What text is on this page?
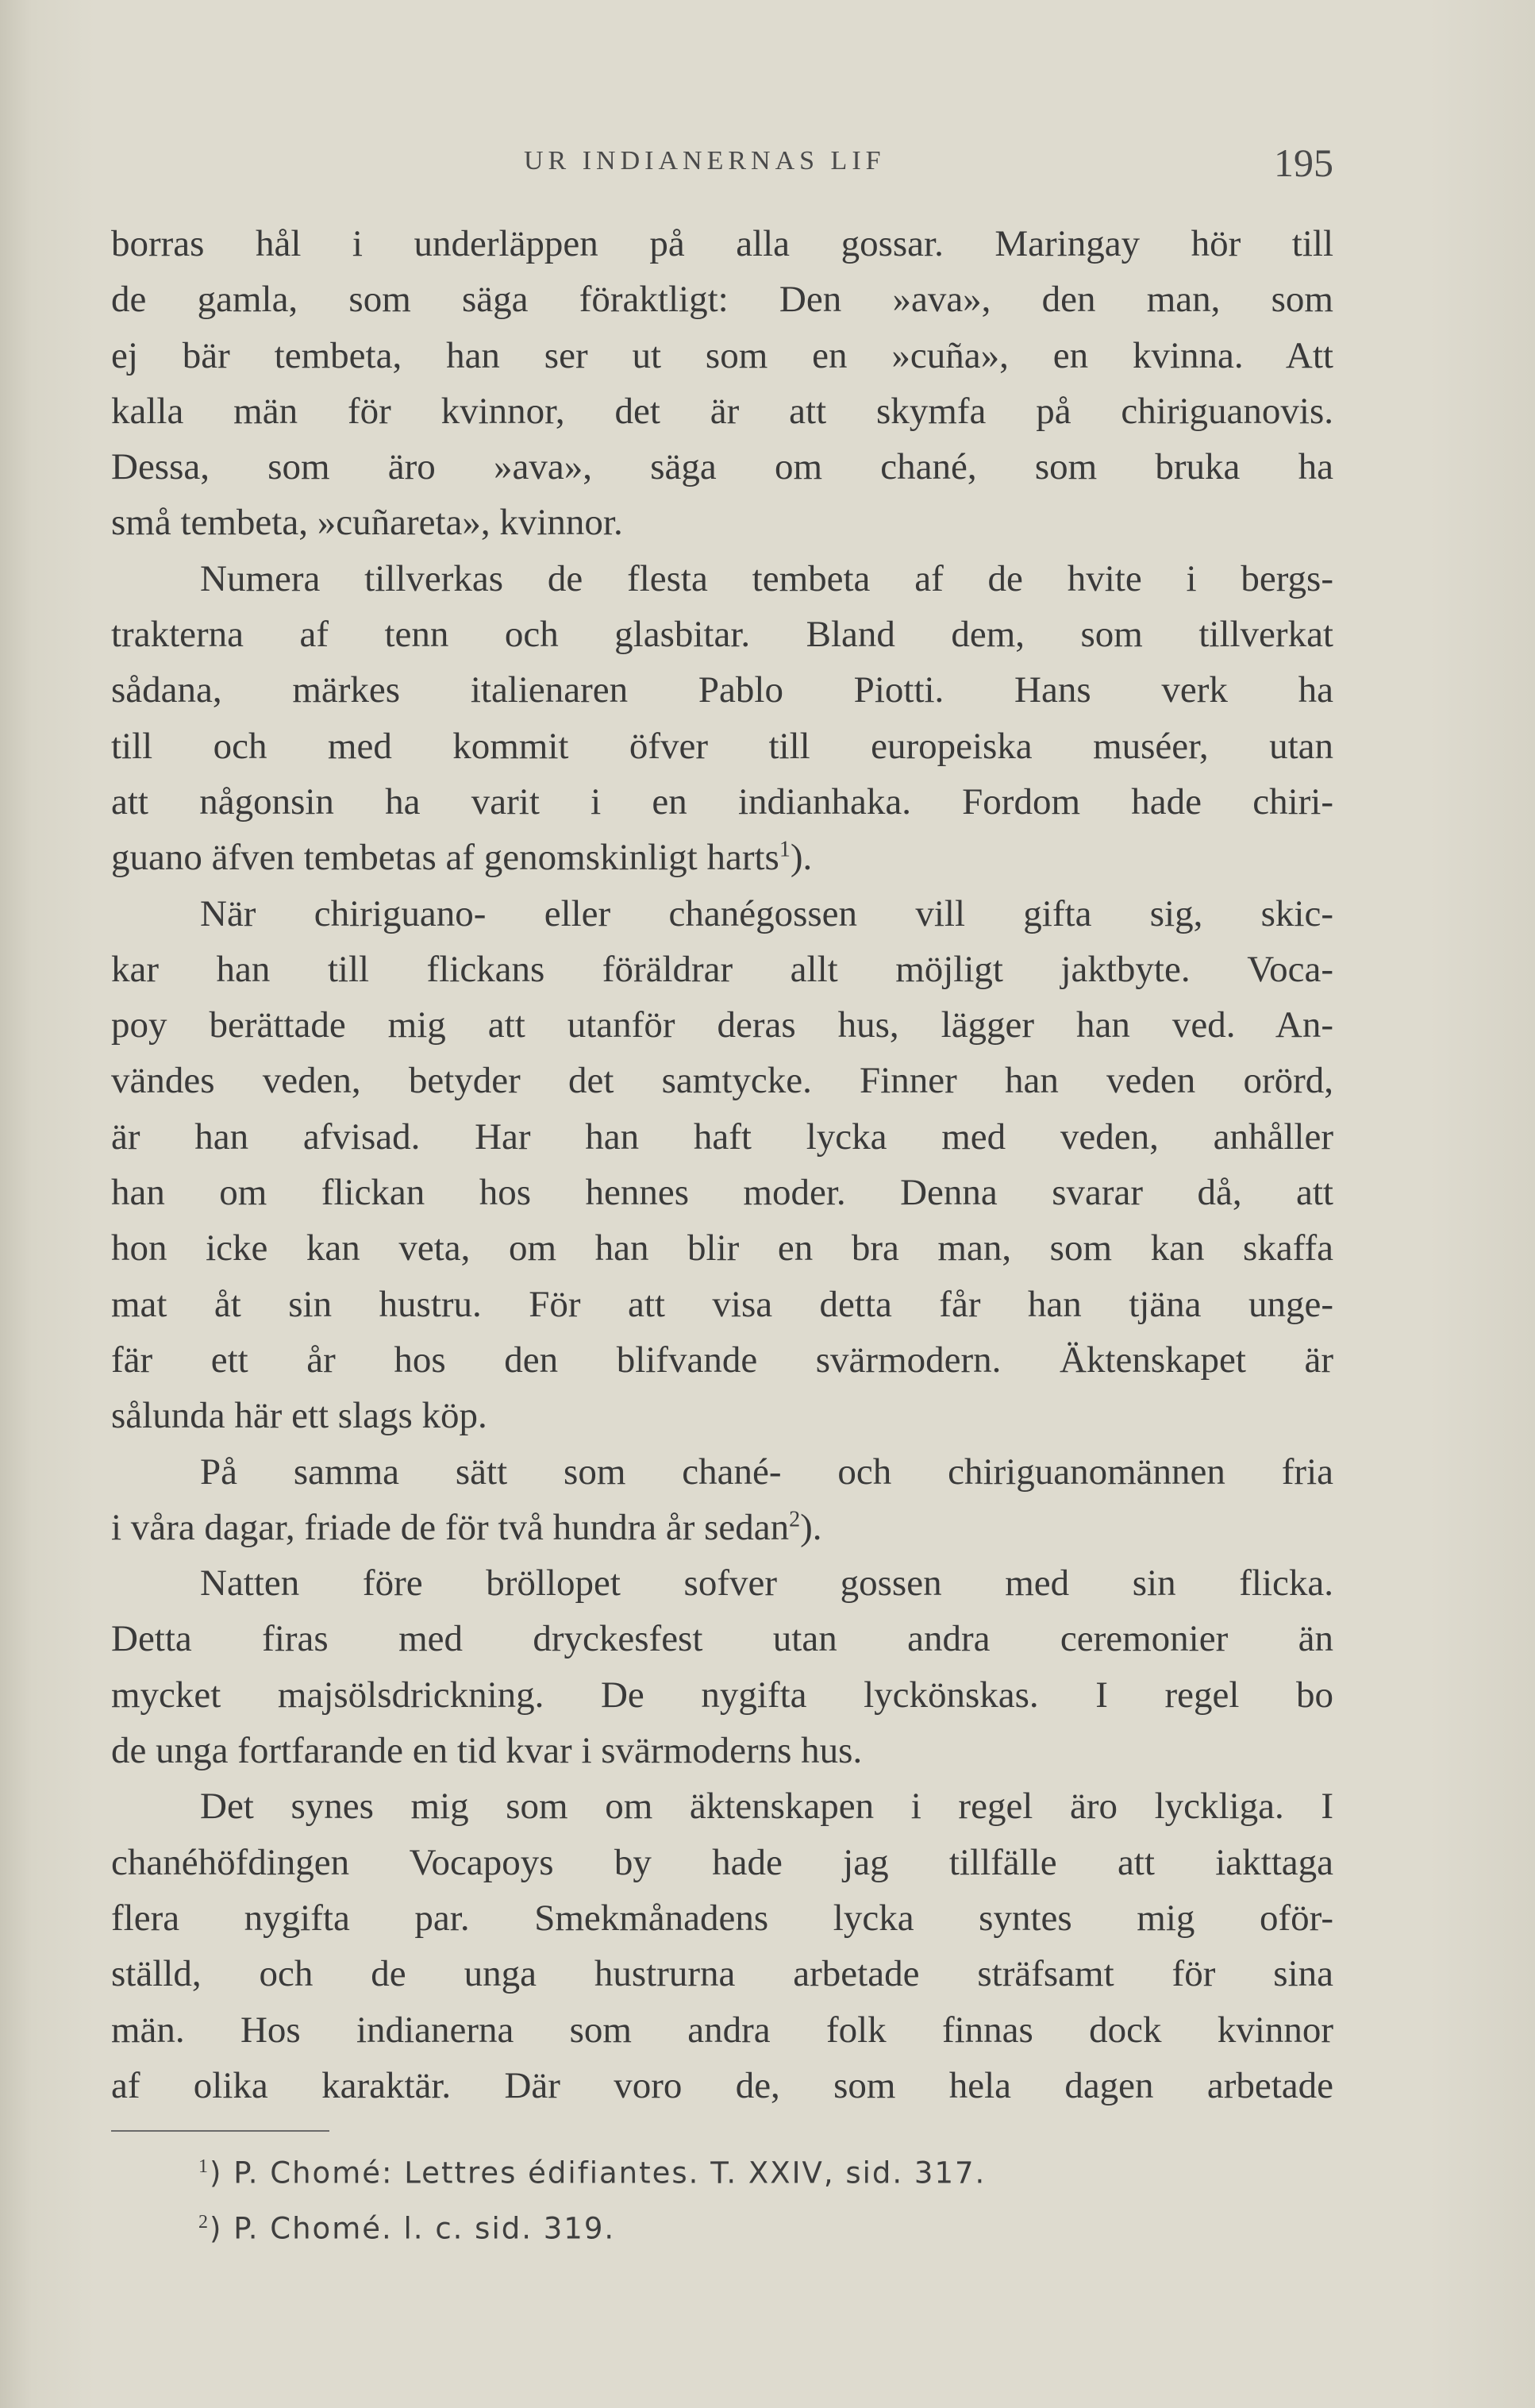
UR INDIANERNAS LIF	195

borras hål i underläppen på alla gossar. Maringay hör till
de gamla, som säga föraktligt: Den »ava», den man, som
ej bär tembeta, han ser ut som en »cuña», en kvinna. Att
kalla män för kvinnor, det är att skymfa på chiriguanovis.
Dessa, som äro »ava», säga om chané, som bruka ha

små tembeta, »cuñareta», kvinnor.

Numera tillverkas de flesta tembeta af de hvite i bergs-
trakterna af tenn och glasbitar. Bland dem, som tillverkat
sådana, märkes italienaren Pablo Piotti. Hans verk ha
till och med kommit öfver till europeiska muséer, utan
att någonsin ha varit i en indianhaka. Fordom hade chiri-

guano äfven tembetas af genomskinligt harts$^1$).

När chiriguano- eller chanégossen vill gifta sig, skic-
kar han till flickans föräldrar allt möjligt jaktbyte. Voca-
poy berättade mig att utanför deras hus, lägger han ved. An-
vändes veden, betyder det samtycke. Finner han veden orörd,
är han afvisad. Har han haft lycka med veden, anhåller
han om flickan hos hennes moder. Denna svarar då, att
hon icke kan veta, om han blir en bra man, som kan skaffa
mat åt sin hustru. För att visa detta får han tjäna unge-
fär ett år hos den blifvande svärmodern. Äktenskapet är

sålunda här ett slags köp.

På samma sätt som chané- och chiriguanomännen fria

i våra dagar, friade de för två hundra år sedan$^2$).

Natten före bröllopet sofver gossen med sin flicka.
Detta firas med dryckesfest utan andra ceremonier än
mycket majsölsdrickning. De nygifta lyckönskas. I regel bo

de unga fortfarande en tid kvar i svärmoderns hus.

Det synes mig som om äktenskapen i regel äro lyckliga. I
chanéhöfdingen Vocapoys by hade jag tillfälle att iakttaga
flera nygifta par. Smekmånadens lycka syntes mig oför-
ställd, och de unga hustrurna arbetade sträfsamt för sina
män. Hos indianerna som andra folk finnas dock kvinnor
af olika karaktär. Där voro de, som hela dagen arbetade

$^1$) P. Chomé: Lettres édifiantes. T. XXIV, sid. 317.
$^2$) P. Chomé. l. c. sid. 319.
